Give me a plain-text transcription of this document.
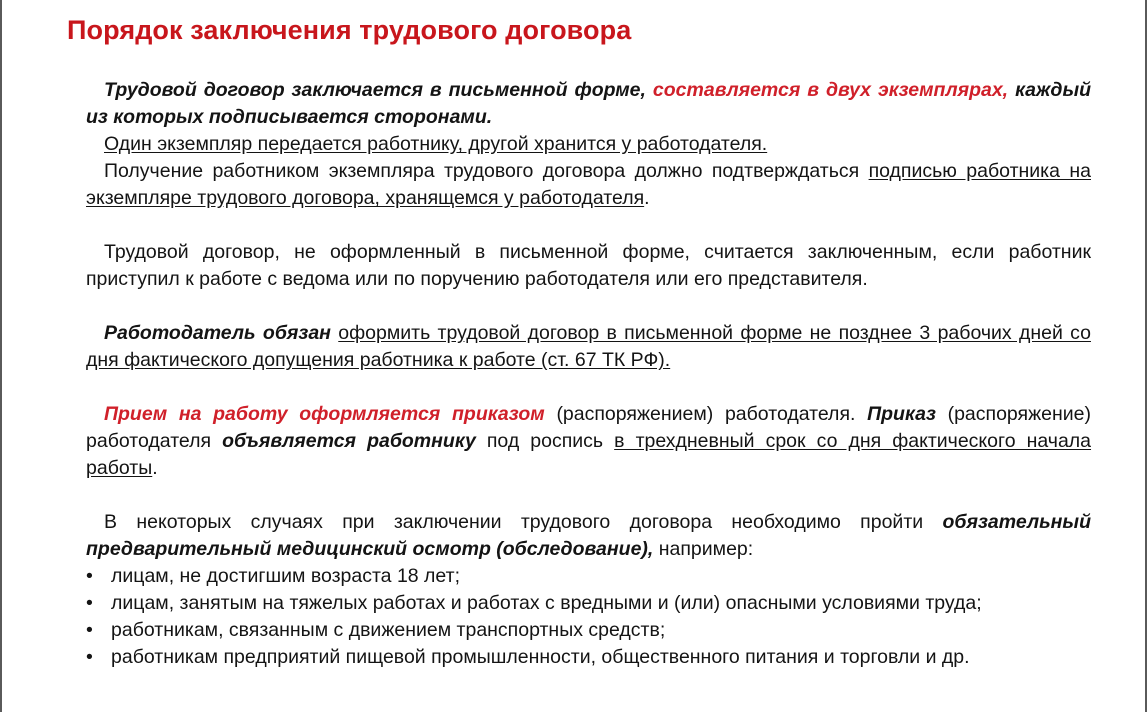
Порядок заключения трудового договора

Трудовой договор заключается в письменной форме, составляется в двух экземплярах, каждый из которых подписывается сторонами.

Один экземпляр передается работнику, другой хранится у работодателя.

Получение работником экземпляра трудового договора должно подтверждаться подписью работника на экземпляре трудового договора, хранящемся у работодателя.

Трудовой договор, не оформленный в письменной форме, считается заключенным, если работник приступил к работе с ведома или по поручению работодателя или его представителя.

Работодатель обязан оформить трудовой договор в письменной форме не позднее 3 рабочих дней со дня фактического допущения работника к работе (ст. 67 ТК РФ).

Прием на работу оформляется приказом (распоряжением) работодателя. Приказ (распоряжение) работодателя объявляется работнику под роспись в трехдневный срок со дня фактического начала работы.

В некоторых случаях при заключении трудового договора необходимо пройти обязательный предварительный медицинский осмотр (обследование), например:

• лицам, не достигшим возраста 18 лет;
• лицам, занятым на тяжелых работах и работах с вредными и (или) опасными условиями труда;
• работникам, связанным с движением транспортных средств;
• работникам предприятий пищевой промышленности, общественного питания и торговли и др.
